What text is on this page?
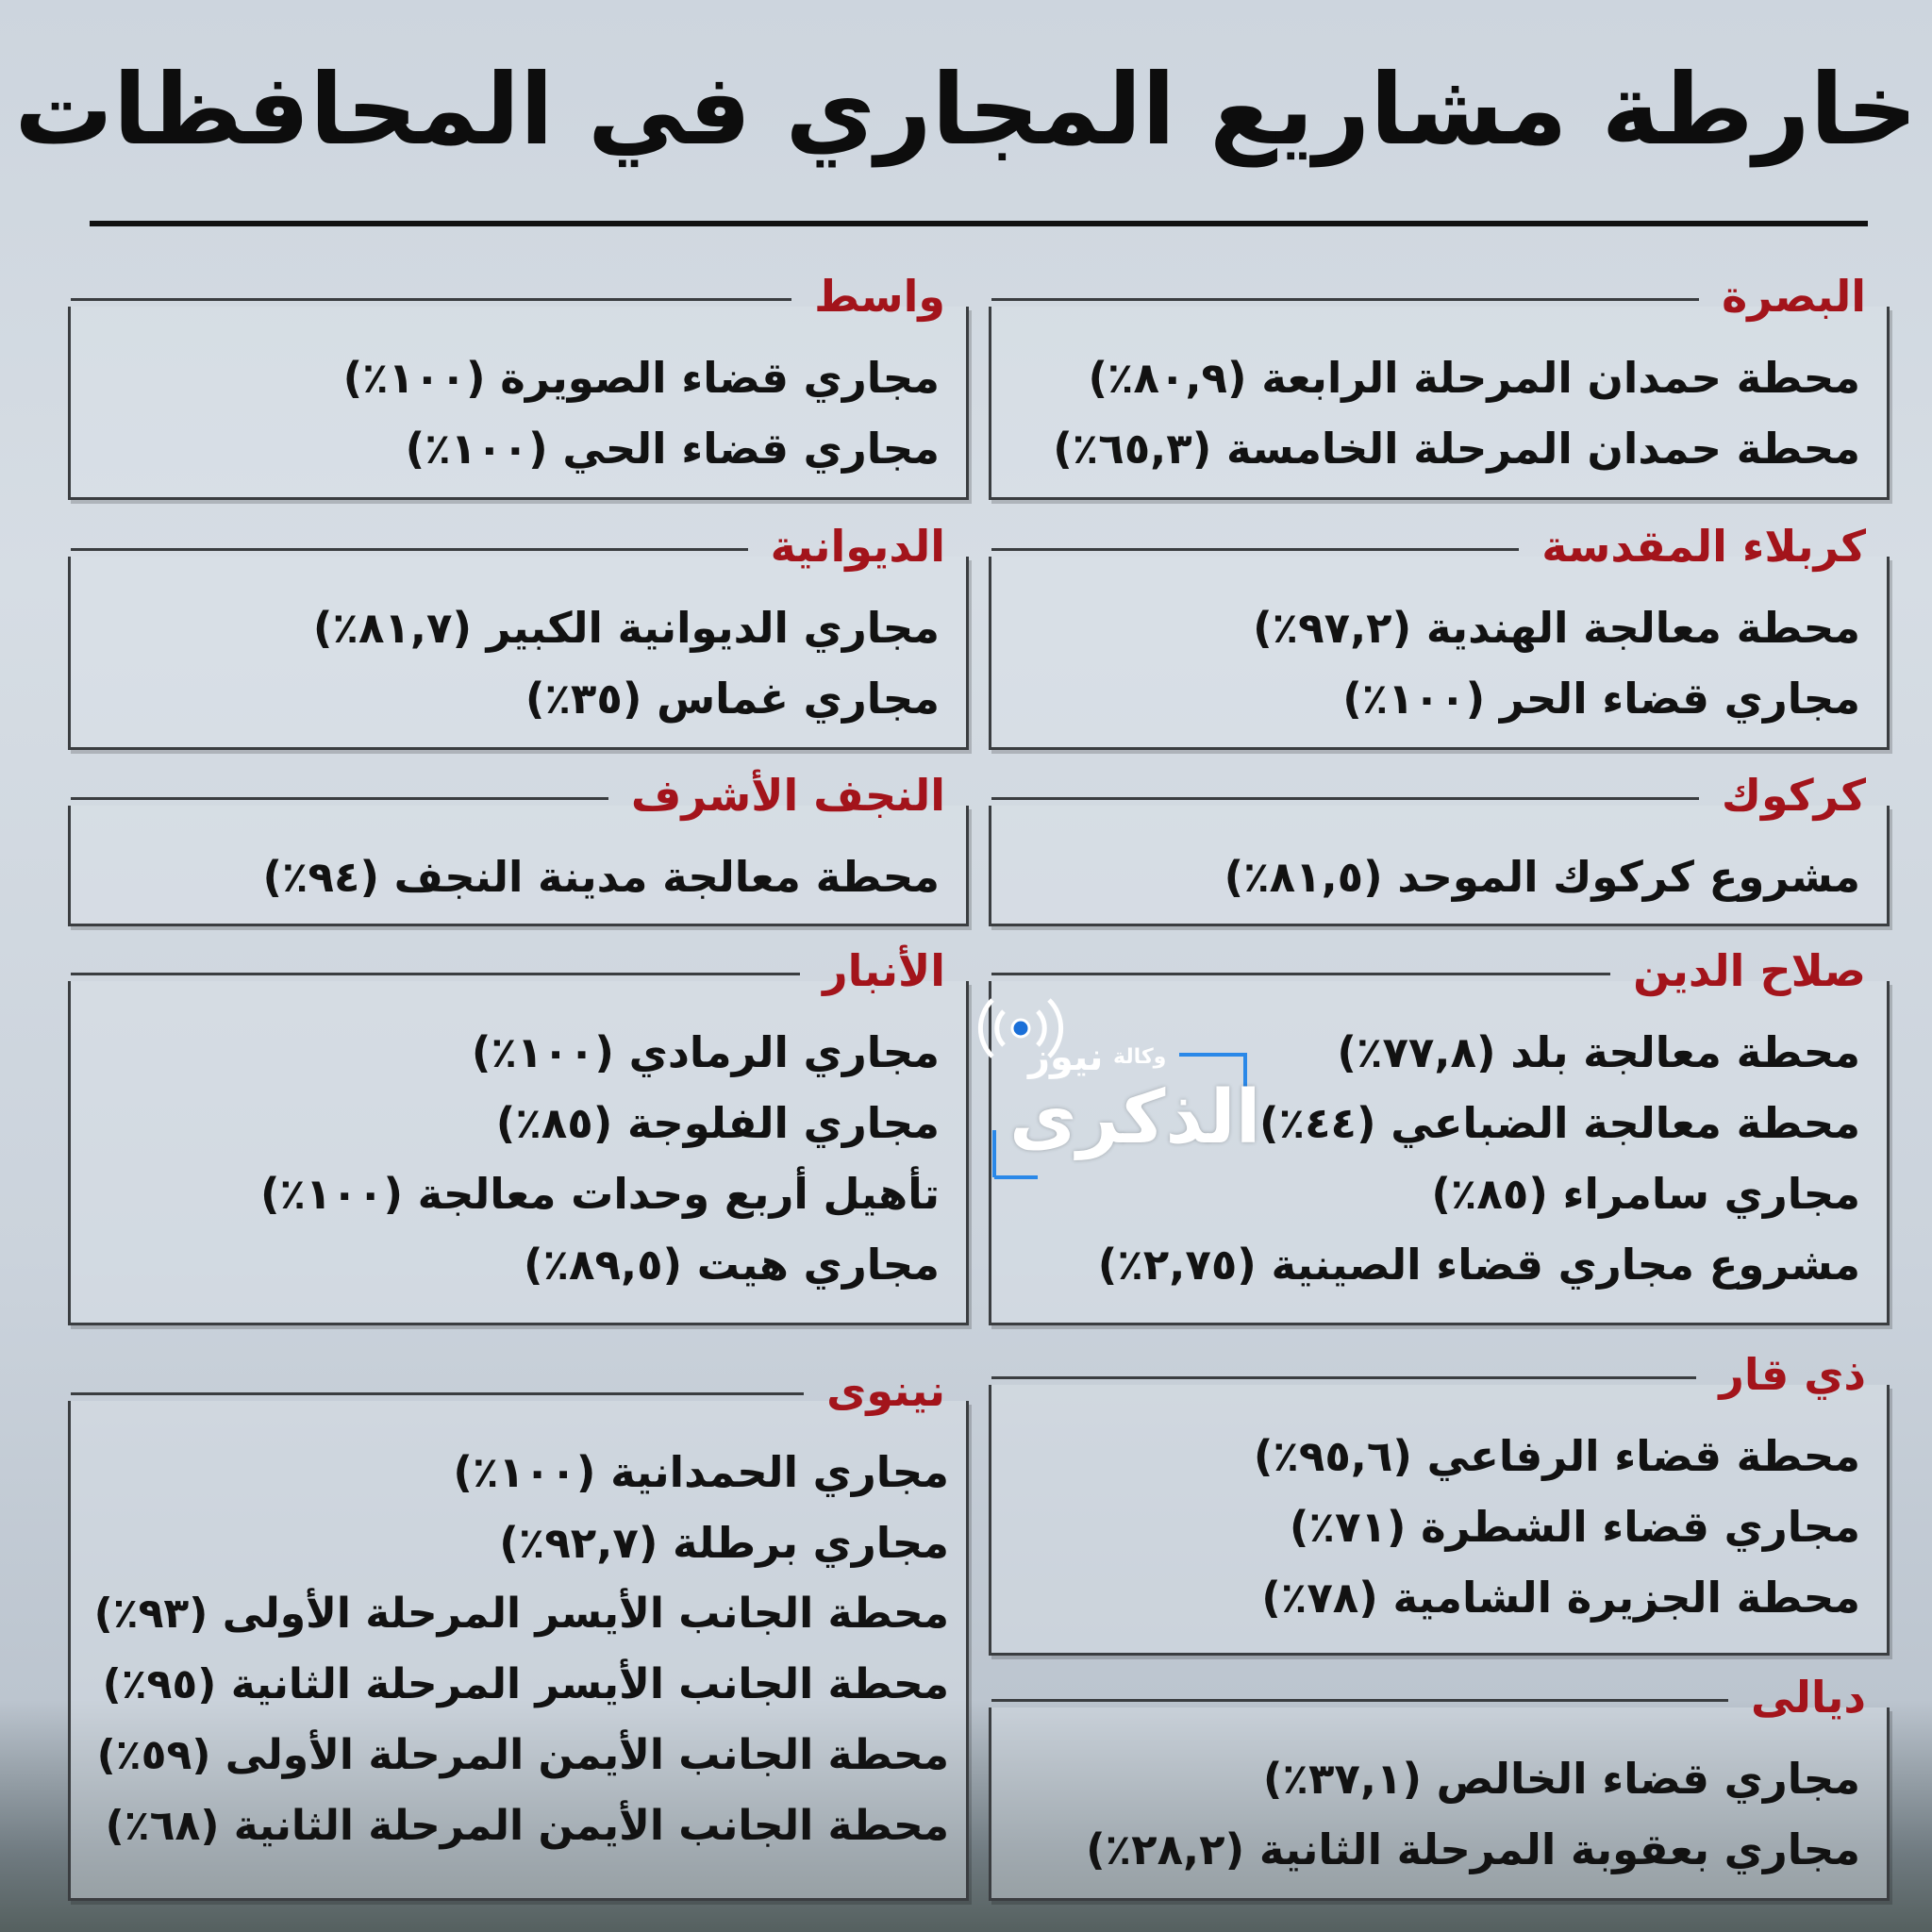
خارطة مشاريع المجاري في المحافظات
البصرة
محطة حمدان المرحلة الرابعة (٨٠,٩٪)
محطة حمدان المرحلة الخامسة (٦٥,٣٪)
كربلاء المقدسة
محطة معالجة الهندية (٩٧,٢٪)
مجاري قضاء الحر (١٠٠٪)
كركوك
مشروع كركوك الموحد (٨١,٥٪)
صلاح الدين
محطة معالجة بلد (٧٧,٨٪)
محطة معالجة الضباعي (٤٤٪)
مجاري سامراء (٨٥٪)
مشروع مجاري قضاء الصينية (٢,٧٥٪)
ذي قار
محطة قضاء الرفاعي (٩٥,٦٪)
مجاري قضاء الشطرة (٧١٪)
محطة الجزيرة الشامية (٧٨٪)
ديالى
مجاري قضاء الخالص (٣٧,١٪)
مجاري بعقوبة المرحلة الثانية (٢٨,٢٪)
واسط
مجاري قضاء الصويرة (١٠٠٪)
مجاري قضاء الحي (١٠٠٪)
الديوانية
مجاري الديوانية الكبير (٨١,٧٪)
مجاري غماس (٣٥٪)
النجف الأشرف
محطة معالجة مدينة النجف (٩٤٪)
الأنبار
مجاري الرمادي (١٠٠٪)
مجاري الفلوجة (٨٥٪)
تأهيل أربع وحدات معالجة (١٠٠٪)
مجاري هيت (٨٩,٥٪)
نينوى
مجاري الحمدانية (١٠٠٪)
مجاري برطلة (٩٢,٧٪)
محطة الجانب الأيسر المرحلة الأولى (٩٣٪)
محطة الجانب الأيسر المرحلة الثانية (٩٥٪)
محطة الجانب الأيمن المرحلة الأولى (٥٩٪)
محطة الجانب الأيمن المرحلة الثانية (٦٨٪)
وكالة
نيوز
الذكرى
